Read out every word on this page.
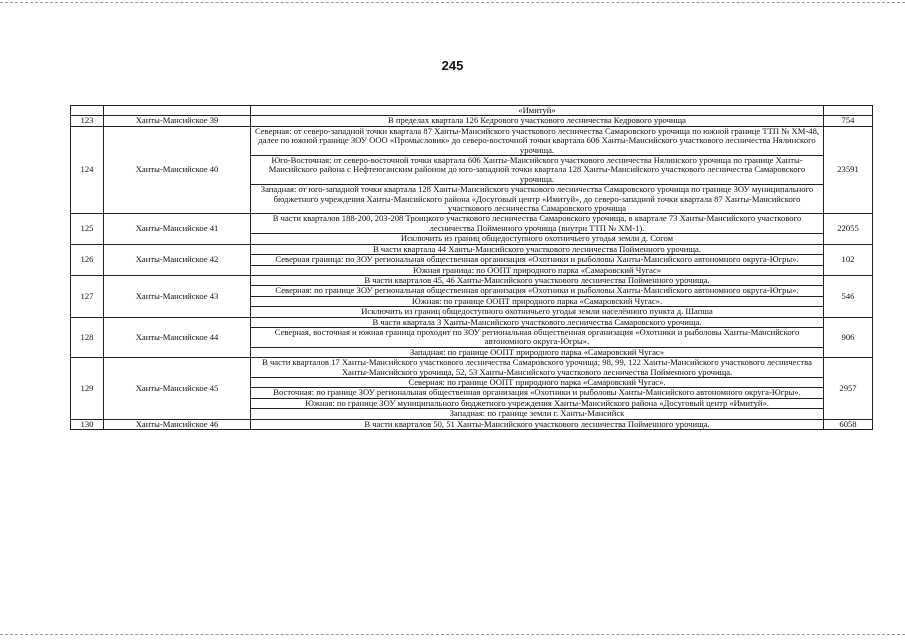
245
		«Имитуй»	
123	Ханты-Мансийское 39	В пределах квартала 126 Кедрового участкового лесничества Кедрового урочища	754
124	Ханты-Мансийское 40	Северная: от северо-западной точки квартала 87 Ханты-Мансийского участкового лесничества Самаровского урочища по южной границе ТТП № ХМ-48, далее по южной границе ЗОУ ООО «Промысловик» до северо-восточной точки квартала 606 Ханты-Мансийского участкового лесничества Нялинского урочища.	23591
		Юго-Восточная: от северо-восточной точки квартала 606 Ханты-Мансийского участкового лесничества Нялинского урочища по границе Ханты-Мансийского района с Нефтеюганским районом до юго-западной точки квартала 128 Ханты-Мансийского участкового лесничества Самаровского урочища.	
		Западная: от юго-западной точки квартала 128 Ханты-Мансийского участкового лесничества Самаровского урочища по границе ЗОУ муниципального бюджетного учреждения Ханты-Мансийского района «Досуговый центр «Имитуй», до северо-западной точки квартала 87 Ханты-Мансийского участкового лесничества Самаровского урочища	
125	Ханты-Мансийское 41	В части кварталов 188-200, 203-208 Троицкого участкового лесничества Самаровского урочища, в квартале 73 Ханты-Мансийского участкового лесничества Пойменного урочища (внутри ТТП № ХМ-1).	22055
		Исключить из границ общедоступного охотничьего угодья земли д. Согом	
126	Ханты-Мансийское 42	В части квартала 44 Ханты-Мансийского участкового лесничества Пойменного урочища.	102
		Северная граница: по ЗОУ региональная общественная организация «Охотники и рыболовы Ханты-Мансийского автономного округа-Югры».	
		Южная граница: по ООПТ природного парка «Самаровский Чугас»	
127	Ханты-Мансийское 43	В части кварталов 45, 46 Ханты-Мансийского участкового лесничества Пойменного урочища.	546
		Северная: по границе ЗОУ региональная общественная организация «Охотники и рыболовы Ханты-Мансийского автономного округа-Югры».	
		Южная: по границе ООПТ природного парка «Самаровский Чугас».	
		Исключить из границ общедоступного охотничьего угодья земли населённого пункта д. Шапша	
128	Ханты-Мансийское 44	В части квартала 3 Ханты-Мансийского участкового лесничества Самаровского урочища.	906
		Северная, восточная и южная граница проходит по ЗОУ региональная общественная организация «Охотники и рыболовы Ханты-Мансийского автономного округа-Югры».	
		Западная: по границе ООПТ природного парка «Самаровский Чугас»	
129	Ханты-Мансийское 45	В части кварталов 17 Ханты-Мансийского участкового лесничества Самаровского урочища; 98, 99, 122 Ханты-Мансийского участкового лесничества Ханты-Мансийского урочища, 52, 53 Ханты-Мансийского участкового лесничества Пойменного урочища.	2957
		Северная: по границе ООПТ природного парка «Самаровский Чугас».	
		Восточная: по границе ЗОУ региональная общественная организация «Охотники и рыболовы Ханты-Мансийского автономного округа-Югры».	
		Южная: по границе ЗОУ муниципального бюджетного учреждения Ханты-Мансийского района «Досуговый центр «Имитуй».	
		Западная: по границе земли г. Ханты-Мансийск	
130	Ханты-Мансийское 46	В части кварталов 50, 51 Ханты-Мансийского участкового лесничества Пойменного урочища.	6058
